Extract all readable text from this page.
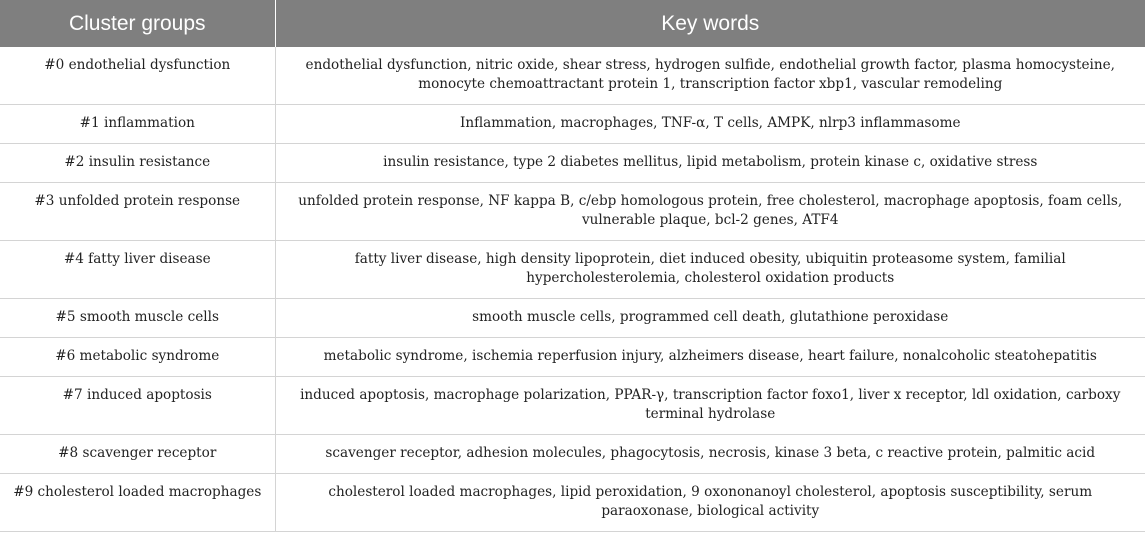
Cluster groups	Key words
#0 endothelial dysfunction	endothelial dysfunction, nitric oxide, shear stress, hydrogen sulfide, endothelial growth factor, plasma homocysteine, monocyte chemoattractant protein 1, transcription factor xbp1, vascular remodeling
#1 inflammation	Inflammation, macrophages, TNF-α, T cells, AMPK, nlrp3 inflammasome
#2 insulin resistance	insulin resistance, type 2 diabetes mellitus, lipid metabolism, protein kinase c, oxidative stress
#3 unfolded protein response	unfolded protein response, NF kappa B, c/ebp homologous protein, free cholesterol, macrophage apoptosis, foam cells, vulnerable plaque, bcl-2 genes, ATF4
#4 fatty liver disease	fatty liver disease, high density lipoprotein, diet induced obesity, ubiquitin proteasome system, familial hypercholesterolemia, cholesterol oxidation products
#5 smooth muscle cells	smooth muscle cells, programmed cell death, glutathione peroxidase
#6 metabolic syndrome	metabolic syndrome, ischemia reperfusion injury, alzheimers disease, heart failure, nonalcoholic steatohepatitis
#7 induced apoptosis	induced apoptosis, macrophage polarization, PPAR-γ, transcription factor foxo1, liver x receptor, ldl oxidation, carboxy terminal hydrolase
#8 scavenger receptor	scavenger receptor, adhesion molecules, phagocytosis, necrosis, kinase 3 beta, c reactive protein, palmitic acid
#9 cholesterol loaded macrophages	cholesterol loaded macrophages, lipid peroxidation, 9 oxononanoyl cholesterol, apoptosis susceptibility, serum paraoxonase, biological activity
